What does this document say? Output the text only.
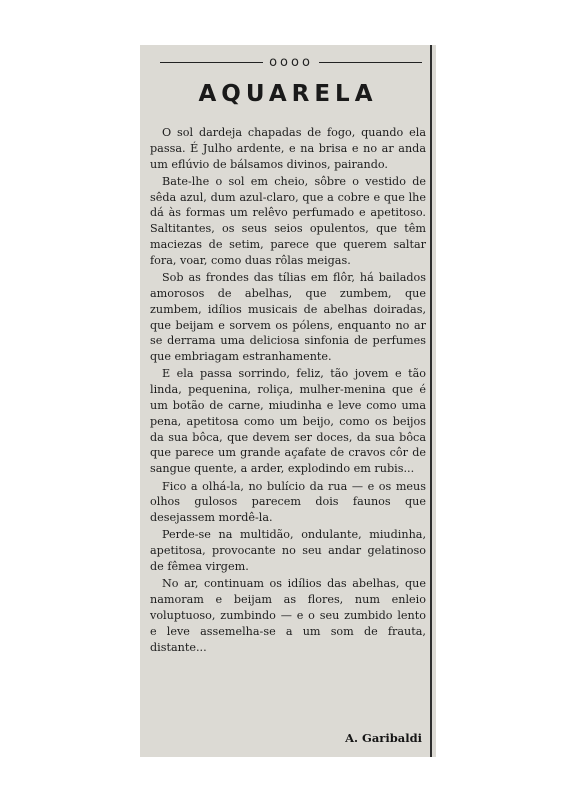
oooo
AQUARELA

O sol dardeja chapadas de fogo, quando ela passa. É Julho ardente, e na brisa e no ar anda um eflúvio de bálsamos divinos, pairando.

Bate-lhe o sol em cheio, sôbre o vestido de sêda azul, dum azul-claro, que a cobre e que lhe dá às formas um relêvo perfumado e apetitoso. Saltitantes, os seus seios opulentos, que têm maciezas de setim, parece que querem saltar fora, voar, como duas rôlas meigas.

Sob as frondes das tílias em flôr, há bailados amorosos de abelhas, que zumbem, que zumbem, idílios musicais de abelhas doiradas, que beijam e sorvem os pólens, enquanto no ar se derrama uma deliciosa sinfonia de perfumes que embriagam estranhamente.

E ela passa sorrindo, feliz, tão jovem e tão linda, pequenina, roliça, mulher-menina que é um botão de carne, miudinha e leve como uma pena, apetitosa como um beijo, como os beijos da sua bôca, que devem ser doces, da sua bôca que parece um grande açafate de cravos côr de sangue quente, a arder, explodindo em rubis...

Fico a olhá-la, no bulício da rua — e os meus olhos gulosos parecem dois faunos que desejassem mordê-la.

Perde-se na multidão, ondulante, miudinha, apetitosa, provocante no seu andar gelatinoso de fêmea virgem.

No ar, continuam os idílios das abelhas, que namoram e beijam as flores, num enleio voluptuoso, zumbindo — e o seu zumbido lento e leve assemelha-se a um som de frauta, distante...

A. Garibaldi
